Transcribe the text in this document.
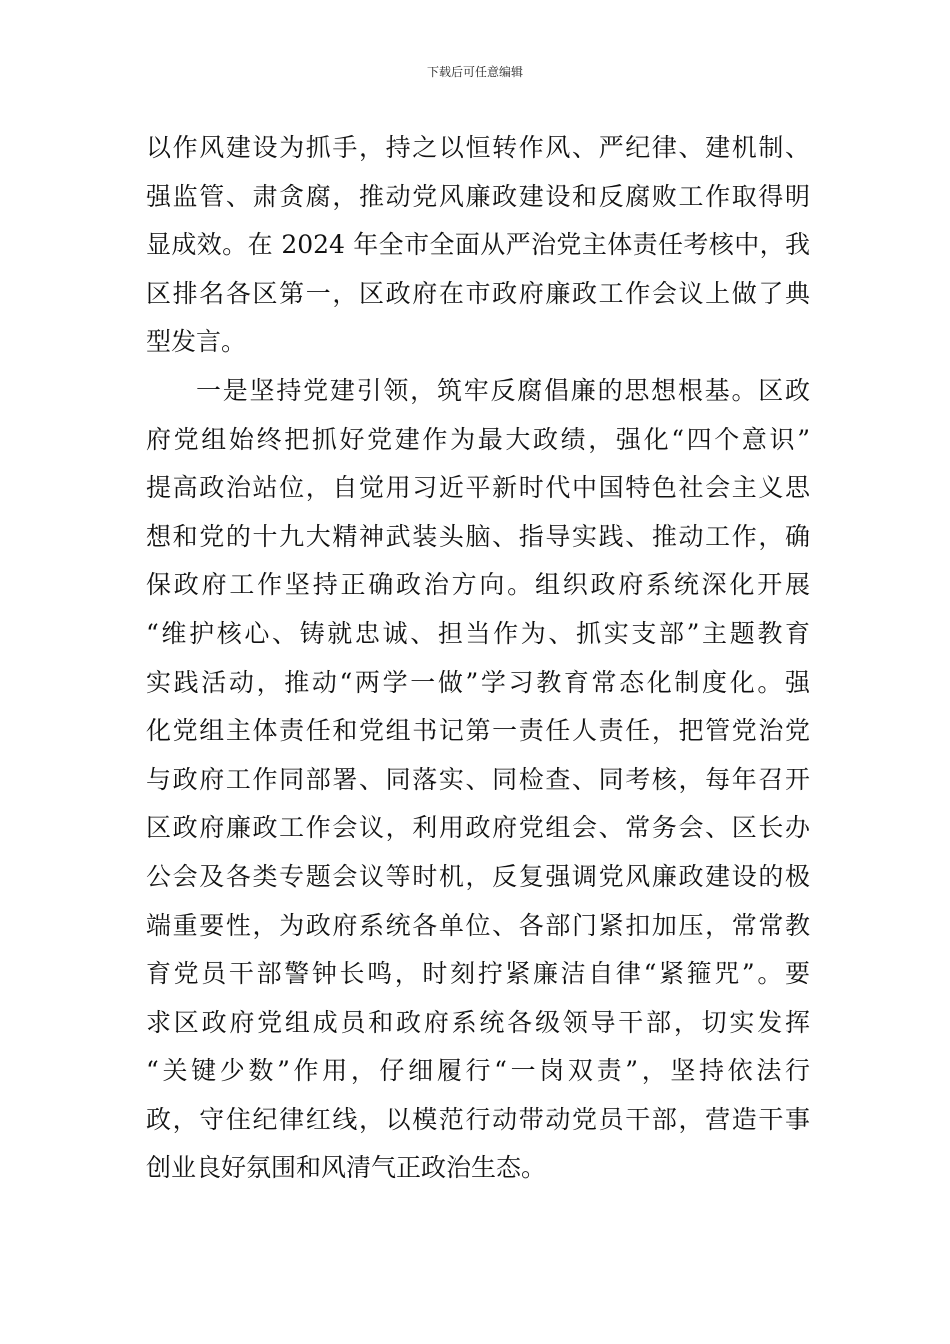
下载后可任意编辑
以作风建设为抓手，持之以恒转作风、严纪律、建机制、
强监管、肃贪腐，推动党风廉政建设和反腐败工作取得明
显成效。在 2024 年全市全面从严治党主体责任考核中，我
区排名各区第一，区政府在市政府廉政工作会议上做了典
型发言。
一是坚持党建引领，筑牢反腐倡廉的思想根基。区政
府党组始终把抓好党建作为最大政绩，强化“四个意识”
提高政治站位，自觉用习近平新时代中国特色社会主义思
想和党的十九大精神武装头脑、指导实践、推动工作，确
保政府工作坚持正确政治方向。组织政府系统深化开展
“维护核心、铸就忠诚、担当作为、抓实支部”主题教育
实践活动，推动“两学一做”学习教育常态化制度化。强
化党组主体责任和党组书记第一责任人责任，把管党治党
与政府工作同部署、同落实、同检查、同考核，每年召开
区政府廉政工作会议，利用政府党组会、常务会、区长办
公会及各类专题会议等时机，反复强调党风廉政建设的极
端重要性，为政府系统各单位、各部门紧扣加压，常常教
育党员干部警钟长鸣，时刻拧紧廉洁自律“紧箍咒”。要
求区政府党组成员和政府系统各级领导干部，切实发挥
“关键少数”作用，仔细履行“一岗双责”，坚持依法行
政，守住纪律红线，以模范行动带动党员干部，营造干事
创业良好氛围和风清气正政治生态。
